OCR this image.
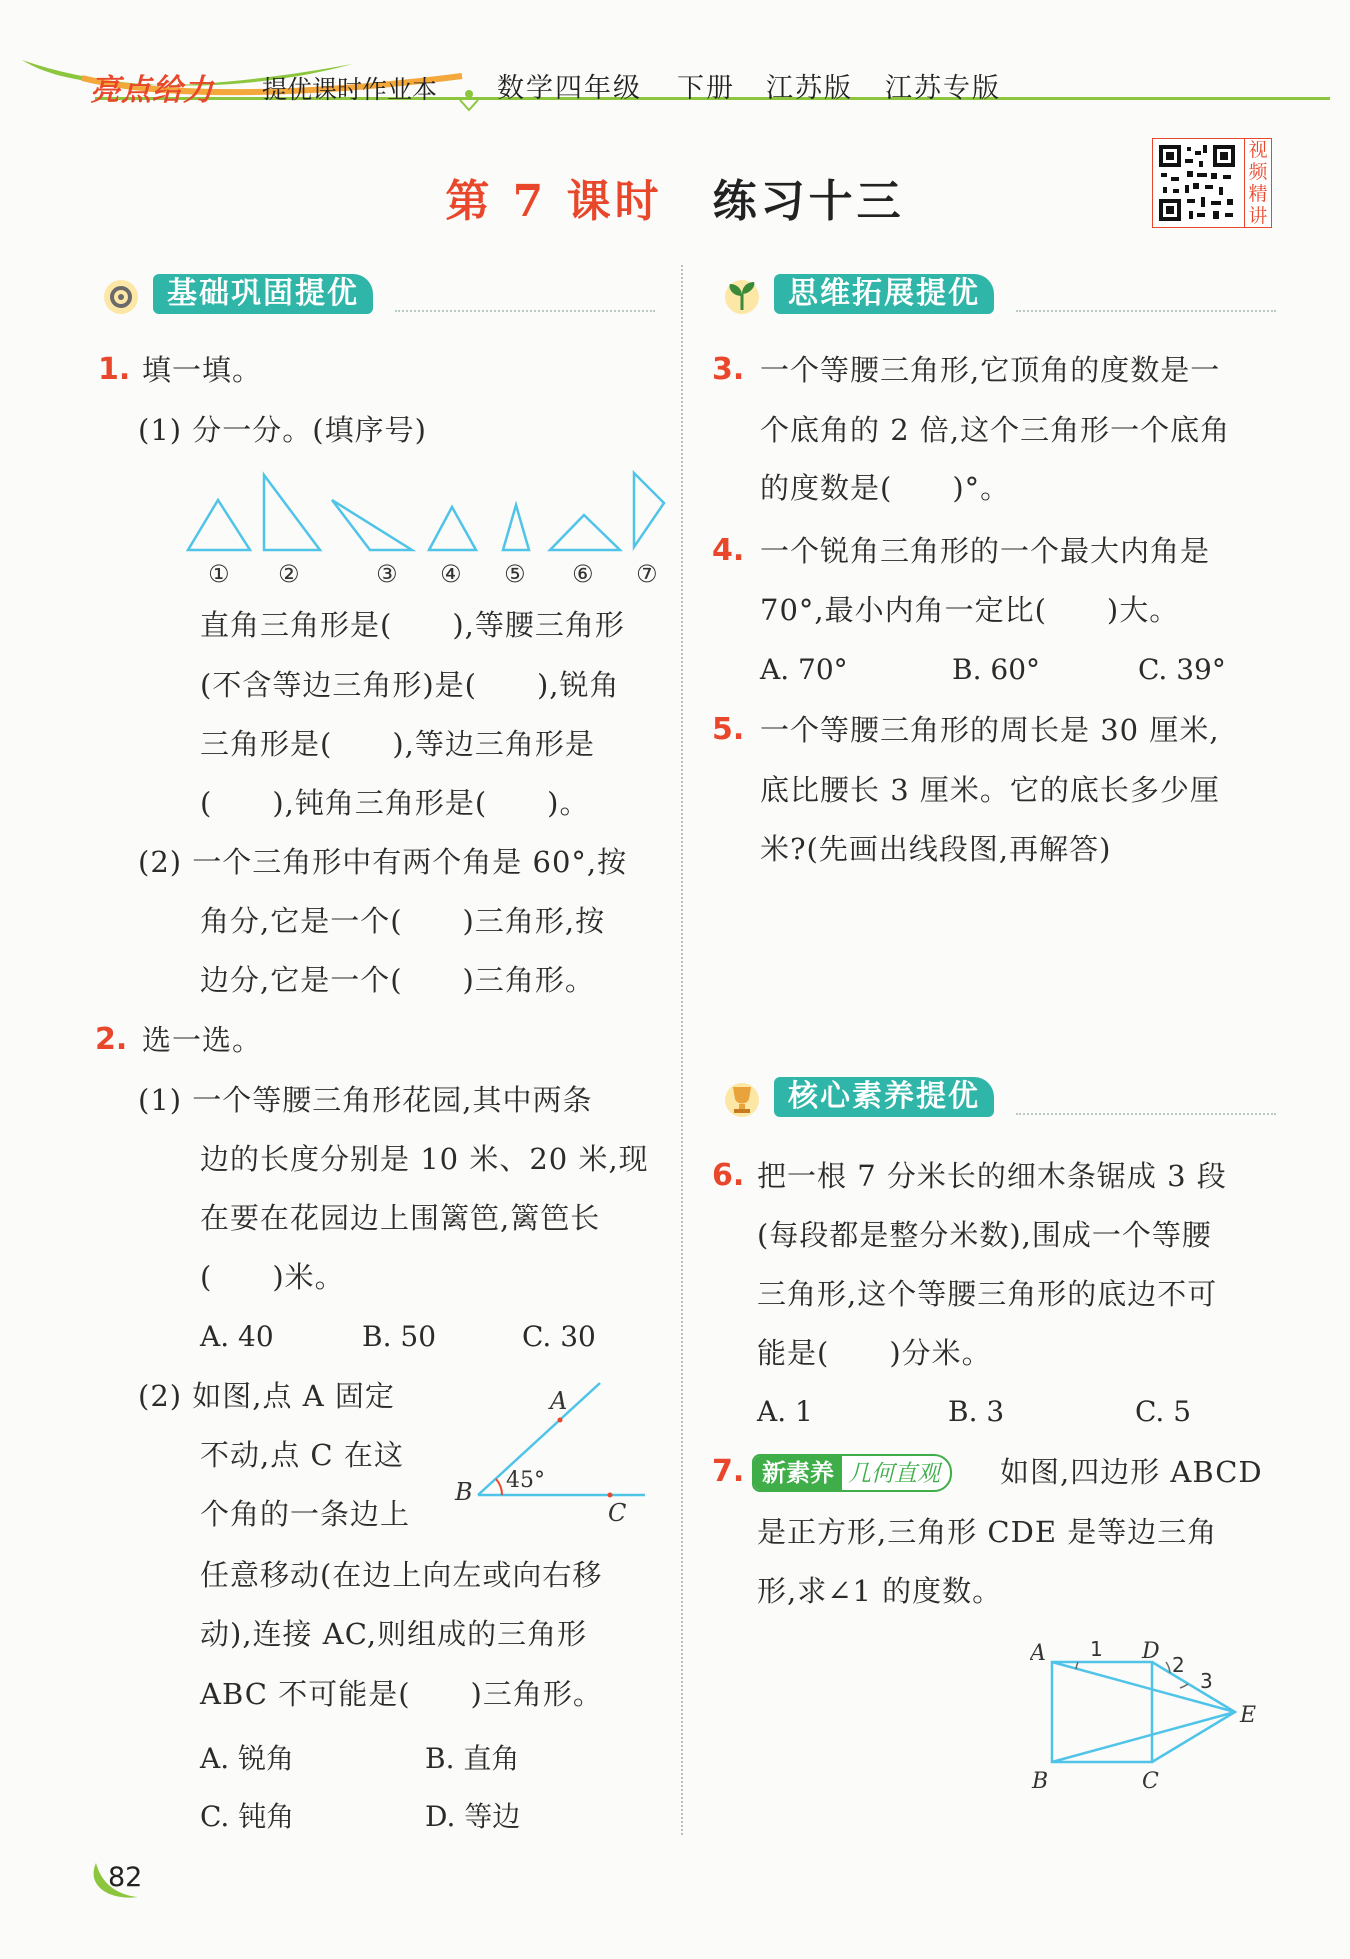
亮点给力 提优课时作业本 数学四年级 下册 江苏版 江苏专版
第 7 课时 练习十三
视频精讲
基础巩固提优	思维拓展提优
核心素养提优
1. 填一填。
(1) 分一分。(填序号)
① ②	③ ④ ⑤ ⑥ ⑦
直角三角形是(　　),等腰三角形
(不含等边三角形)是(　　),锐角
三角形是(　　),等边三角形是
(　　),钝角三角形是(　　)。
(2) 一个三角形中有两个角是 60°,按
角分,它是一个(　　)三角形,按
边分,它是一个(　　)三角形。
2. 选一选。
(1) 一个等腰三角形花园,其中两条
边的长度分别是 10 米、20 米,现
在要在花园边上围篱笆,篱笆长
(　　)米。
A. 40	B. 50	C. 30
(2) 如图,点 A 固定
不动,点 C 在这
个角的一条边上
任意移动(在边上向左或向右移
动),连接 AC,则组成的三角形
ABC 不可能是(　　)三角形。
A
B
C
45°
A. 锐角	B. 直角
C. 钝角	D. 等边
3. 一个等腰三角形,它顶角的度数是一
个底角的 2 倍,这个三角形一个底角
的度数是(　　)°。
4. 一个锐角三角形的一个最大内角是
70°,最小内角一定比(　　)大。
A. 70°	B. 60°	C. 39°
5. 一个等腰三角形的周长是 30 厘米,
底比腰长 3 厘米。它的底长多少厘
米?(先画出线段图,再解答)
6. 把一根 7 分米长的细木条锯成 3 段
(每段都是整分米数),围成一个等腰
三角形,这个等腰三角形的底边不可
能是(　　)分米。
A. 1	B. 3	C. 5
7. 新素养 几何直观	如图,四边形 ABCD
是正方形,三角形 CDE 是等边三角
形,求∠1 的度数。
A	D
E
B	C
1
2
3
82
